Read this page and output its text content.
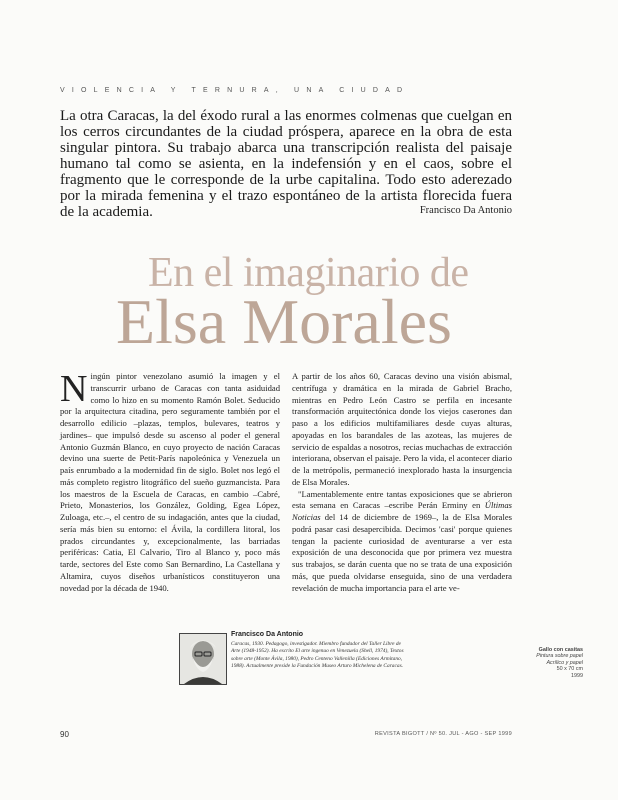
VIOLENCIA Y TERNURA, UNA CIUDAD
La otra Caracas, la del éxodo rural a las enormes colmenas que cuelgan en los cerros circundantes de la ciudad próspera, aparece en la obra de esta singular pintora. Su trabajo abarca una transcripción realista del paisaje humano tal como se asienta, en la indefensión y en el caos, sobre el fragmento que le corresponde de la urbe capitalina. Todo esto aderezado por la mirada femenina y el trazo espontáneo de la artista florecida fuera de la academia.	Francisco Da Antonio
En el imaginario de
Elsa Morales

Ningún pintor venezolano asumió la imagen y el transcurrir urbano de Caracas con tanta asiduidad como lo hizo en su momento Ramón Bolet. Seducido por la arquitectura citadina, pero seguramente también por el desarrollo edilicio –plazas, templos, bulevares, teatros y jardines– que impulsó desde su ascenso al poder el general Antonio Guzmán Blanco, en cuyo proyecto de nación Caracas devino una suerte de Petit-París napoleónica y Venezuela un país enrumbado a la modernidad fin de siglo. Bolet nos legó el más completo registro litográfico del sueño guzmancista. Para los maestros de la Escuela de Caracas, en cambio –Cabré, Prieto, Monasterios, los González, Golding, Egea López, Zuloaga, etc.–, el centro de su indagación, antes que la ciudad, sería más bien su entorno: el Ávila, la cordillera litoral, los prados circundantes y, excepcionalmente, las barriadas periféricas: Catia, El Calvario, Tiro al Blanco y, poco más tarde, sectores del Este como San Bernardino, La Castellana y Altamira, cuyos diseños urbanísticos constituyeron una novedad por la década de 1940.

A partir de los años 60, Caracas devino una visión abismal, centrífuga y dramática en la mirada de Gabriel Bracho, mientras en Pedro León Castro se perfila en incesante transformación arquitectónica donde los viejos caserones dan paso a los edificios multifamiliares desde cuyas alturas, apoyadas en los barandales de las azoteas, las mujeres de servicio de espaldas a nosotros, recias muchachas de extracción interiorana, observan el paisaje. Pero la vida, el acontecer diario de la metrópolis, permaneció inexplorado hasta la insurgencia de Elsa Morales.

"Lamentablemente entre tantas exposiciones que se abrieron esta semana en Caracas –escribe Perán Erminy en Últimas Noticias del 14 de diciembre de 1969–, la de Elsa Morales podrá pasar casi desapercibida. Decimos 'casi' porque quienes tengan la paciente curiosidad de aventurarse a ver esta exposición de una desconocida que por primera vez muestra sus trabajos, se darán cuenta que no se trata de una exposición más, que pueda olvidarse enseguida, sino de una verdadera revelación de mucha importancia para el arte ve-

Francisco Da Antonio
Caracas, 1930. Pedagogo, investigador. Miembro fundador del Taller Libre de Arte (1948-1952). Ha escrito El arte ingenuo en Venezuela (Shell, 1974), Textos sobre arte (Monte Ávila, 1980), Pedro Centeno Vallenilla (Ediciones Armitano, 1988). Actualmente preside la Fundación Museo Arturo Michelena de Caracas.
Gallo con casitas
Pintura sobre papel
Acrílico y papel
50 x 70 cm
1999
90	REVISTA BIGOTT / Nº 50. JUL - AGO - SEP 1999
